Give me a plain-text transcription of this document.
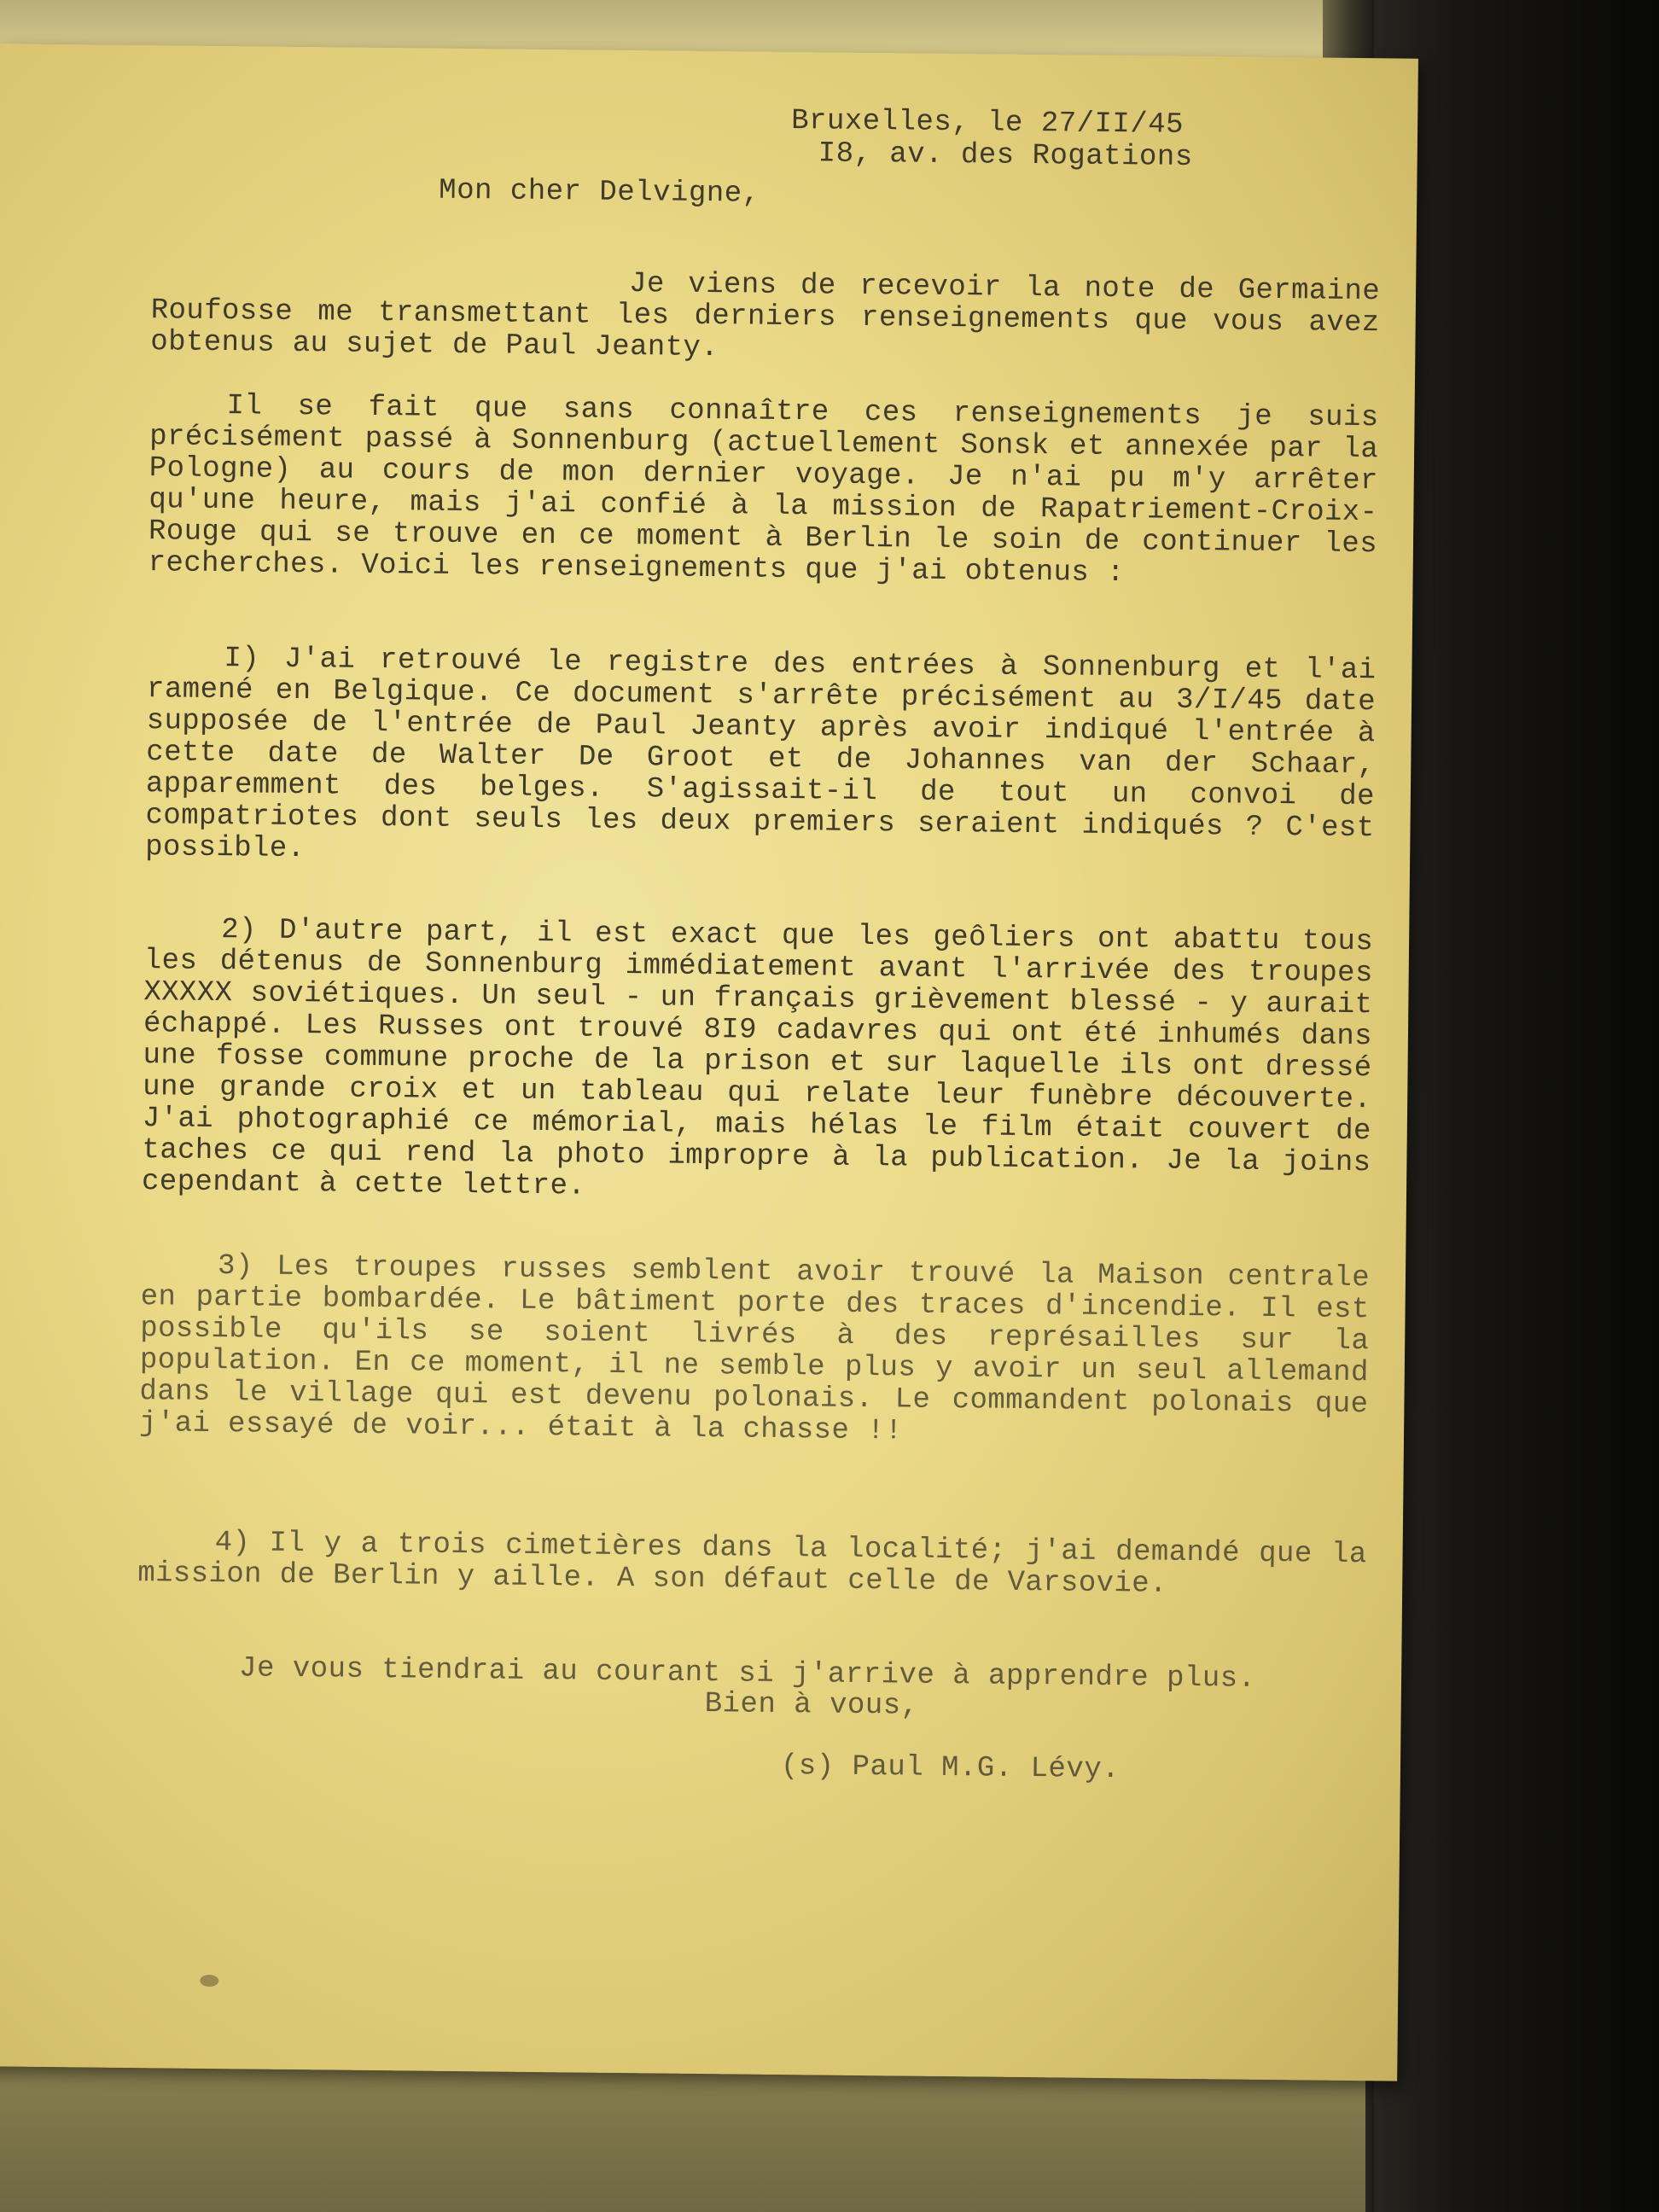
Bruxelles, le 27/II/45
I8, av. des Rogations
Mon cher Delvigne,
Je viens de recevoir la note de Germaine Roufosse me transmettant les derniers renseignements que vous avez obtenus au sujet de Paul Jeanty.
Il se fait que sans connaître ces renseignements je suis précisément passé à Sonnenburg (actuellement Sonsk et annexée par la Pologne) au cours de mon dernier voyage. Je n'ai pu m'y arrêter qu'une heure, mais j'ai confié à la mission de Rapatriement-Croix-Rouge qui se trouve en ce moment à Berlin le soin de continuer les recherches. Voici les renseignements que j'ai obtenus :
I) J'ai retrouvé le registre des entrées à Sonnenburg et l'ai ramené en Belgique. Ce document s'arrête précisément au 3/I/45 date supposée de l'entrée de Paul Jeanty après avoir indiqué l'entrée à cette date de Walter De Groot et de Johannes van der Schaar, apparemment des belges. S'agissait-il de tout un convoi de compatriotes dont seuls les deux premiers seraient indiqués ? C'est possible.
2) D'autre part, il est exact que les geôliers ont abattu tous les détenus de Sonnenburg immédiatement avant l'arrivée des troupes XXXXX soviétiques. Un seul - un français grièvement blessé - y aurait échappé. Les Russes ont trouvé 8I9 cadavres qui ont été inhumés dans une fosse commune proche de la prison et sur laquelle ils ont dressé une grande croix et un tableau qui relate leur funèbre découverte. J'ai photographié ce mémorial, mais hélas le film était couvert de taches ce qui rend la photo impropre à la publication. Je la joins cependant à cette lettre.
3) Les troupes russes semblent avoir trouvé la Maison centrale en partie bombardée. Le bâtiment porte des traces d'incendie. Il est possible qu'ils se soient livrés à des représailles sur la population. En ce moment, il ne semble plus y avoir un seul allemand dans le village qui est devenu polonais. Le commandent polonais que j'ai essayé de voir... était à la chasse !!
4) Il y a trois cimetières dans la localité; j'ai demandé que la mission de Berlin y aille. A son défaut celle de Varsovie.
Je vous tiendrai au courant si j'arrive à apprendre plus.
Bien à vous,
(s) Paul M.G. Lévy.
